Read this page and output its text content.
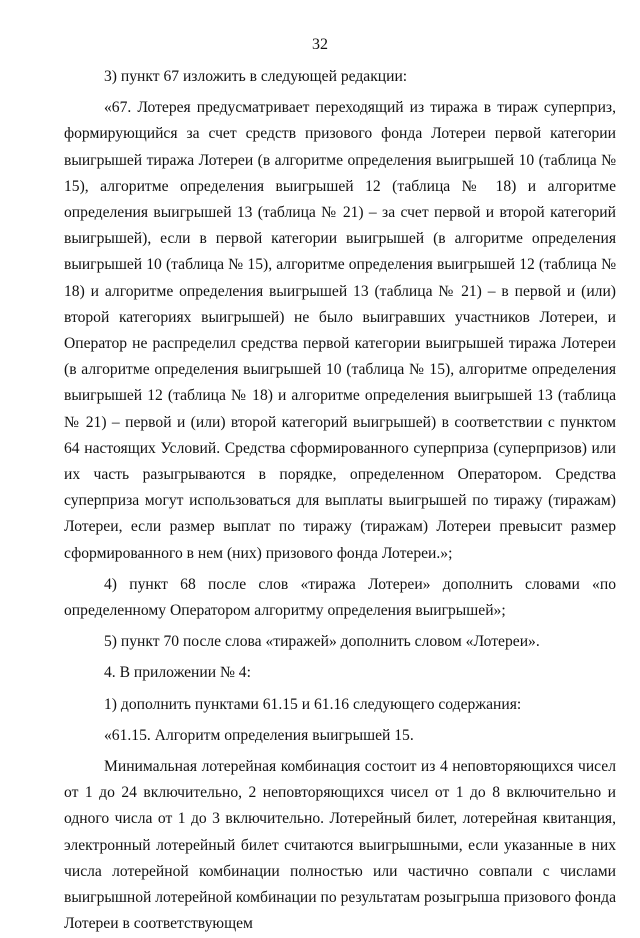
32

3) пункт 67 изложить в следующей редакции:

«67. Лотерея предусматривает переходящий из тиража в тираж суперприз, формирующийся за счет средств призового фонда Лотереи первой категории выигрышей тиража Лотереи (в алгоритме определения выигрышей 10 (таблица № 15), алгоритме определения выигрышей 12 (таблица № 18) и алгоритме определения выигрышей 13 (таблица № 21) – за счет первой и второй категорий выигрышей), если в первой категории выигрышей (в алгоритме определения выигрышей 10 (таблица № 15), алгоритме определения выигрышей 12 (таблица № 18) и алгоритме определения выигрышей 13 (таблица № 21) – в первой и (или) второй категориях выигрышей) не было выигравших участников Лотереи, и Оператор не распределил средства первой категории выигрышей тиража Лотереи (в алгоритме определения выигрышей 10 (таблица № 15), алгоритме определения выигрышей 12 (таблица № 18) и алгоритме определения выигрышей 13 (таблица № 21) – первой и (или) второй категорий выигрышей) в соответствии с пунктом 64 настоящих Условий. Средства сформированного суперприза (суперпризов) или их часть разыгрываются в порядке, определенном Оператором. Средства суперприза могут использоваться для выплаты выигрышей по тиражу (тиражам) Лотереи, если размер выплат по тиражу (тиражам) Лотереи превысит размер сформированного в нем (них) призового фонда Лотереи.»;

4) пункт 68 после слов «тиража Лотереи» дополнить словами «по определенному Оператором алгоритму определения выигрышей»;

5) пункт 70 после слова «тиражей» дополнить словом «Лотереи».

4. В приложении № 4:

1) дополнить пунктами 61.15 и 61.16 следующего содержания:

«61.15. Алгоритм определения выигрышей 15.

Минимальная лотерейная комбинация состоит из 4 неповторяющихся чисел от 1 до 24 включительно, 2 неповторяющихся чисел от 1 до 8 включительно и одного числа от 1 до 3 включительно. Лотерейный билет, лотерейная квитанция, электронный лотерейный билет считаются выигрышными, если указанные в них числа лотерейной комбинации полностью или частично совпали с числами выигрышной лотерейной комбинации по результатам розыгрыша призового фонда Лотереи в соответствующем
